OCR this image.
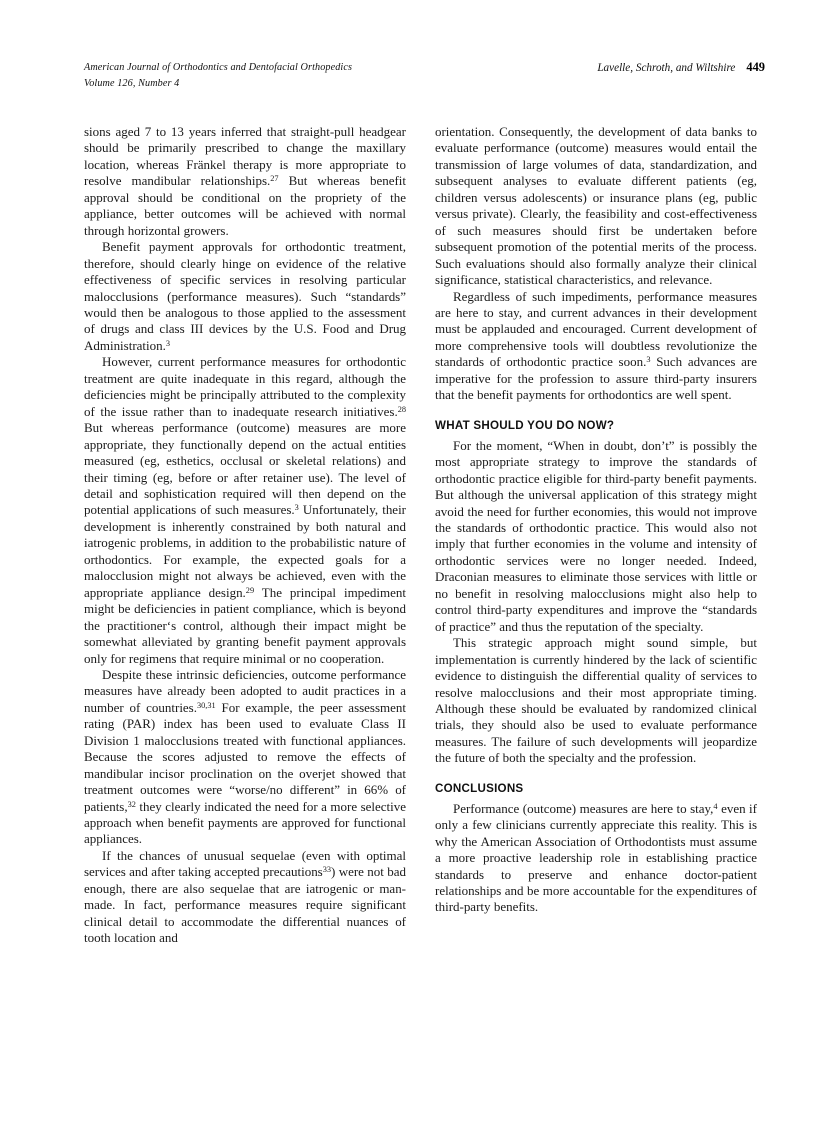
American Journal of Orthodontics and Dentofacial Orthopedics
Volume 126, Number 4
Lavelle, Schroth, and Wiltshire 449

sions aged 7 to 13 years inferred that straight-pull headgear should be primarily prescribed to change the maxillary location, whereas Fränkel therapy is more appropriate to resolve mandibular relationships.$^{27}$ But whereas benefit approval should be conditional on the propriety of the appliance, better outcomes will be achieved with normal through horizontal growers.

Benefit payment approvals for orthodontic treatment, therefore, should clearly hinge on evidence of the relative effectiveness of specific services in resolving particular malocclusions (performance measures). Such “standards” would then be analogous to those applied to the assessment of drugs and class III devices by the U.S. Food and Drug Administration.$^3$

However, current performance measures for orthodontic treatment are quite inadequate in this regard, although the deficiencies might be principally attributed to the complexity of the issue rather than to inadequate research initiatives.$^{28}$ But whereas performance (outcome) measures are more appropriate, they functionally depend on the actual entities measured (eg, esthetics, occlusal or skeletal relations) and their timing (eg, before or after retainer use). The level of detail and sophistication required will then depend on the potential applications of such measures.$^3$ Unfortunately, their development is inherently constrained by both natural and iatrogenic problems, in addition to the probabilistic nature of orthodontics. For example, the expected goals for a malocclusion might not always be achieved, even with the appropriate appliance design.$^{29}$ The principal impediment might be deficiencies in patient compliance, which is beyond the practitionerʻs control, although their impact might be somewhat alleviated by granting benefit payment approvals only for regimens that require minimal or no cooperation.

Despite these intrinsic deficiencies, outcome performance measures have already been adopted to audit practices in a number of countries.$^{30,31}$ For example, the peer assessment rating (PAR) index has been used to evaluate Class II Division 1 malocclusions treated with functional appliances. Because the scores adjusted to remove the effects of mandibular incisor proclination on the overjet showed that treatment outcomes were “worse/no different” in 66% of patients,$^{32}$ they clearly indicated the need for a more selective approach when benefit payments are approved for functional appliances.

If the chances of unusual sequelae (even with optimal services and after taking accepted precautions$^{33}$) were not bad enough, there are also sequelae that are iatrogenic or man-made. In fact, performance measures require significant clinical detail to accommodate the differential nuances of tooth location and

orientation. Consequently, the development of data banks to evaluate performance (outcome) measures would entail the transmission of large volumes of data, standardization, and subsequent analyses to evaluate different patients (eg, children versus adolescents) or insurance plans (eg, public versus private). Clearly, the feasibility and cost-effectiveness of such measures should first be undertaken before subsequent promotion of the potential merits of the process. Such evaluations should also formally analyze their clinical significance, statistical characteristics, and relevance.

Regardless of such impediments, performance measures are here to stay, and current advances in their development must be applauded and encouraged. Current development of more comprehensive tools will doubtless revolutionize the standards of orthodontic practice soon.$^3$ Such advances are imperative for the profession to assure third-party insurers that the benefit payments for orthodontics are well spent.

WHAT SHOULD YOU DO NOW?

For the moment, “When in doubt, don’t” is possibly the most appropriate strategy to improve the standards of orthodontic practice eligible for third-party benefit payments. But although the universal application of this strategy might avoid the need for further economies, this would not improve the standards of orthodontic practice. This would also not imply that further economies in the volume and intensity of orthodontic services were no longer needed. Indeed, Draconian measures to eliminate those services with little or no benefit in resolving malocclusions might also help to control third-party expenditures and improve the “standards of practice” and thus the reputation of the specialty.

This strategic approach might sound simple, but implementation is currently hindered by the lack of scientific evidence to distinguish the differential quality of services to resolve malocclusions and their most appropriate timing. Although these should be evaluated by randomized clinical trials, they should also be used to evaluate performance measures. The failure of such developments will jeopardize the future of both the specialty and the profession.

CONCLUSIONS

Performance (outcome) measures are here to stay,$^4$ even if only a few clinicians currently appreciate this reality. This is why the American Association of Orthodontists must assume a more proactive leadership role in establishing practice standards to preserve and enhance doctor-patient relationships and be more accountable for the expenditures of third-party benefits.
